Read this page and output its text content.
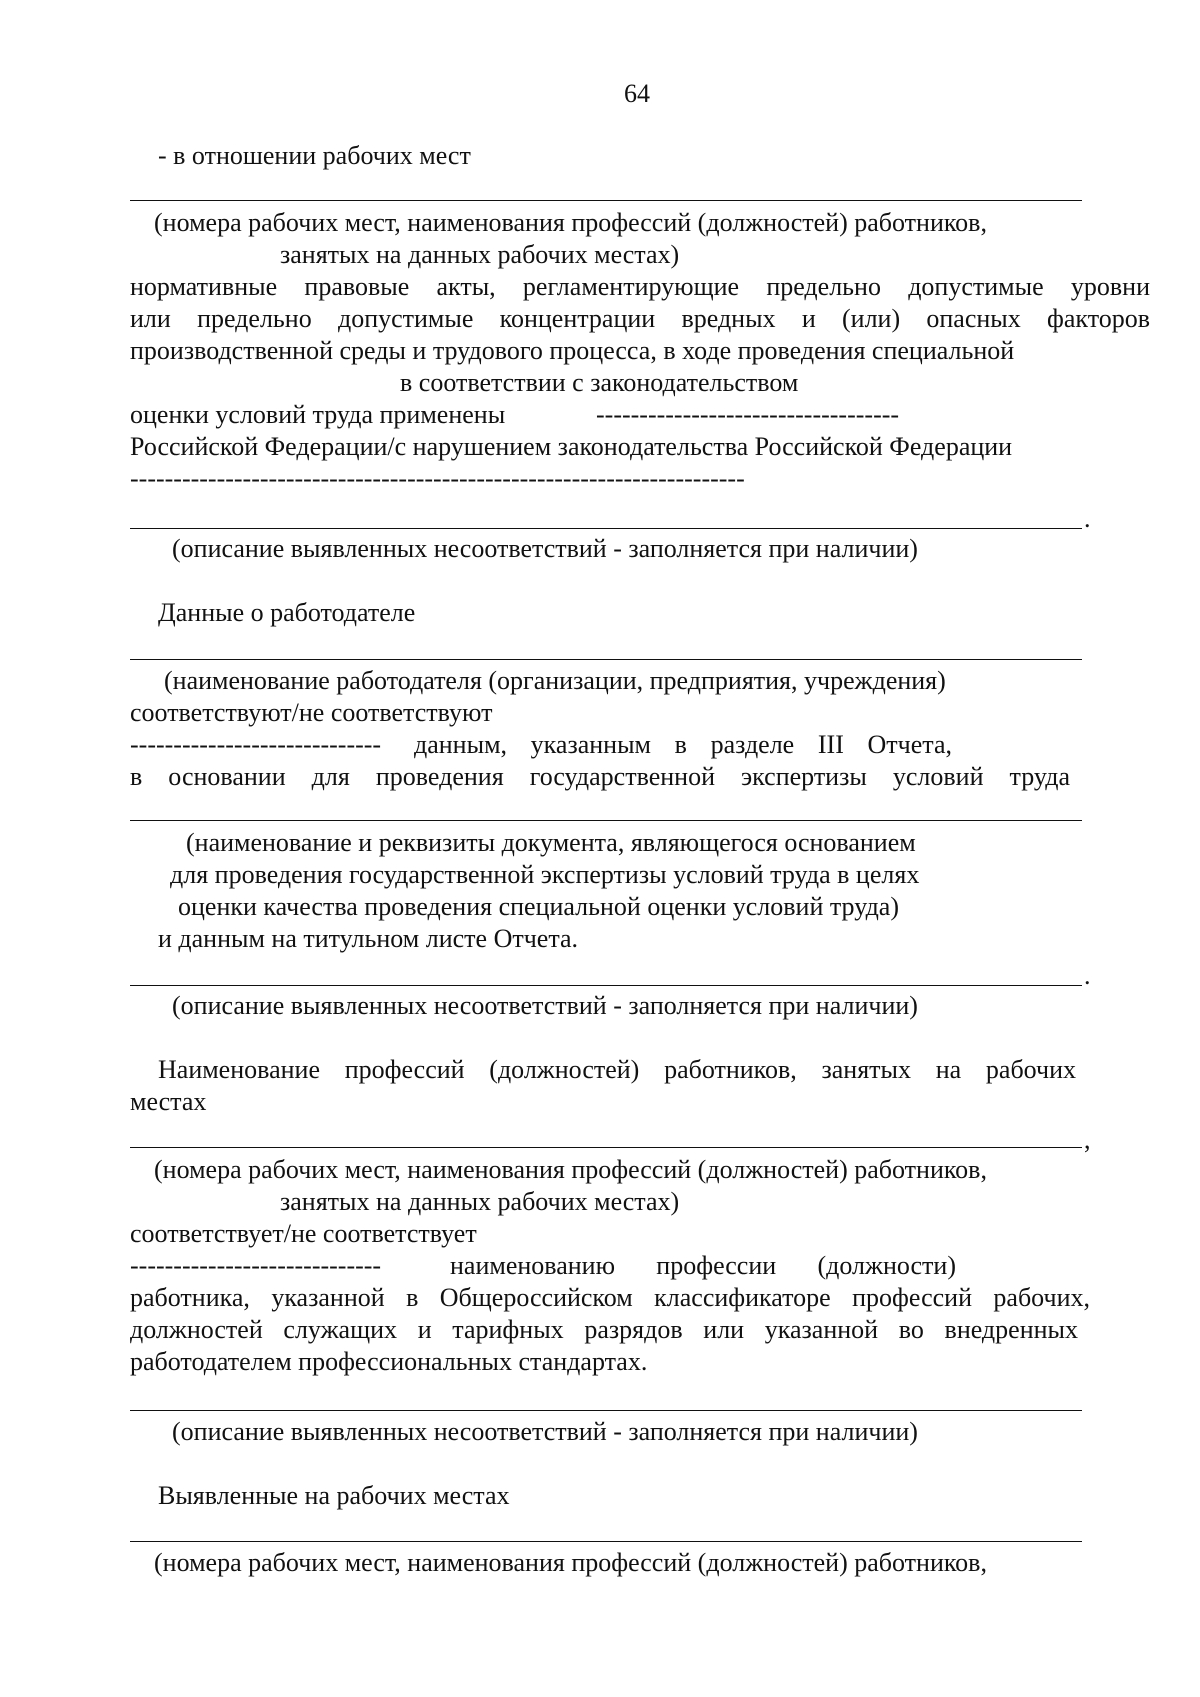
64
- в отношении рабочих мест
(номера рабочих мест, наименования профессий (должностей) работников,
занятых на данных рабочих местах)
нормативные правовые акты, регламентирующие предельно допустимые уровни
или предельно допустимые концентрации вредных и (или) опасных факторов
производственной среды и трудового процесса, в ходе проведения специальной
в соответствии с законодательством
оценки условий труда применены	-----------------------------------
Российской Федерации/с нарушением законодательства Российской Федерации
-----------------------------------------------------------------------
.
(описание выявленных несоответствий - заполняется при наличии)
Данные о работодателе
(наименование работодателя (организации, предприятия, учреждения)
соответствуют/не соответствуют
----------------------------- данным, указанным в разделе III Отчета,
в основании для проведения государственной экспертизы условий труда
(наименование и реквизиты документа, являющегося основанием
для проведения государственной экспертизы условий труда в целях
оценки качества проведения специальной оценки условий труда)
и данным на титульном листе Отчета.
.
(описание выявленных несоответствий - заполняется при наличии)
Наименование профессий (должностей) работников, занятых на рабочих
местах
,
(номера рабочих мест, наименования профессий (должностей) работников,
занятых на данных рабочих местах)
соответствует/не соответствует
-----------------------------	наименованию профессии (должности)
работника, указанной в Общероссийском классификаторе профессий рабочих,
должностей служащих и тарифных разрядов или указанной во внедренных
работодателем профессиональных стандартах.
(описание выявленных несоответствий - заполняется при наличии)
Выявленные на рабочих местах
(номера рабочих мест, наименования профессий (должностей) работников,
